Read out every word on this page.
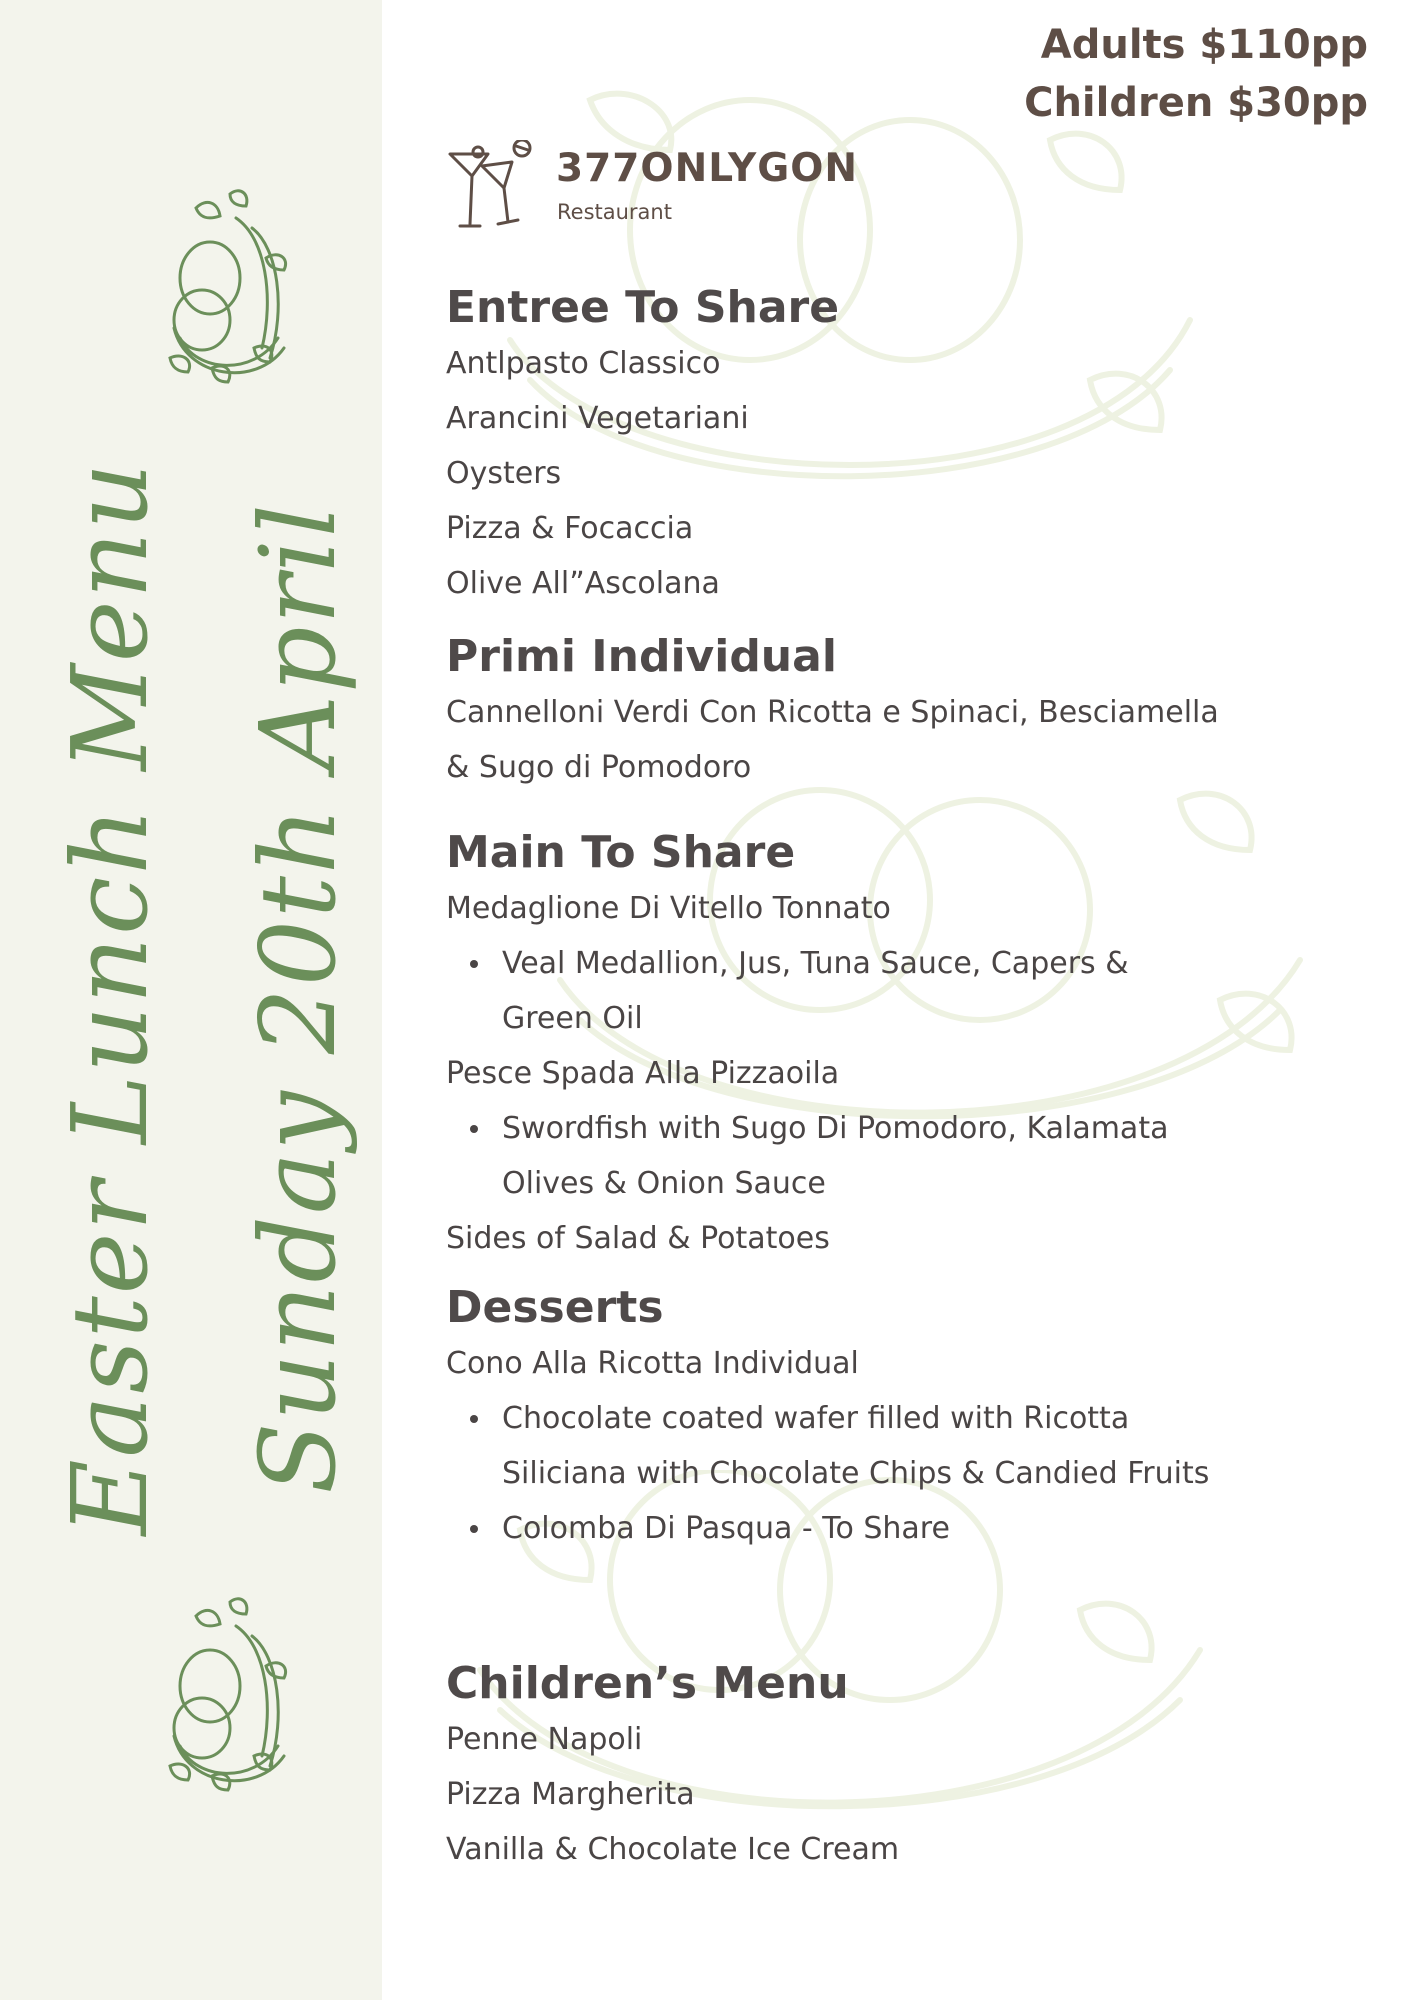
Easter Lunch Menu Sunday 20th April
Adults $110pp
Children $30pp
377ONLYGON
Restaurant
Entree To Share

Antlpasto Classico

Arancini Vegetariani

Oysters

Pizza & Focaccia

Olive All”Ascolana

Primi Individual

Cannelloni Verdi Con Ricotta e Spinaci, Besciamella

& Sugo di Pomodoro

Main To Share

Medaglione Di Vitello Tonnato

Veal Medallion, Jus, Tuna Sauce, Capers &
Green Oil

Pesce Spada Alla Pizzaoila

Swordfish with Sugo Di Pomodoro, Kalamata
Olives & Onion Sauce

Sides of Salad & Potatoes

Desserts

Cono Alla Ricotta Individual

Chocolate coated wafer filled with Ricotta
Siliciana with Chocolate Chips & Candied Fruits
Colomba Di Pasqua - To Share
Children’s Menu

Penne Napoli

Pizza Margherita

Vanilla & Chocolate Ice Cream
